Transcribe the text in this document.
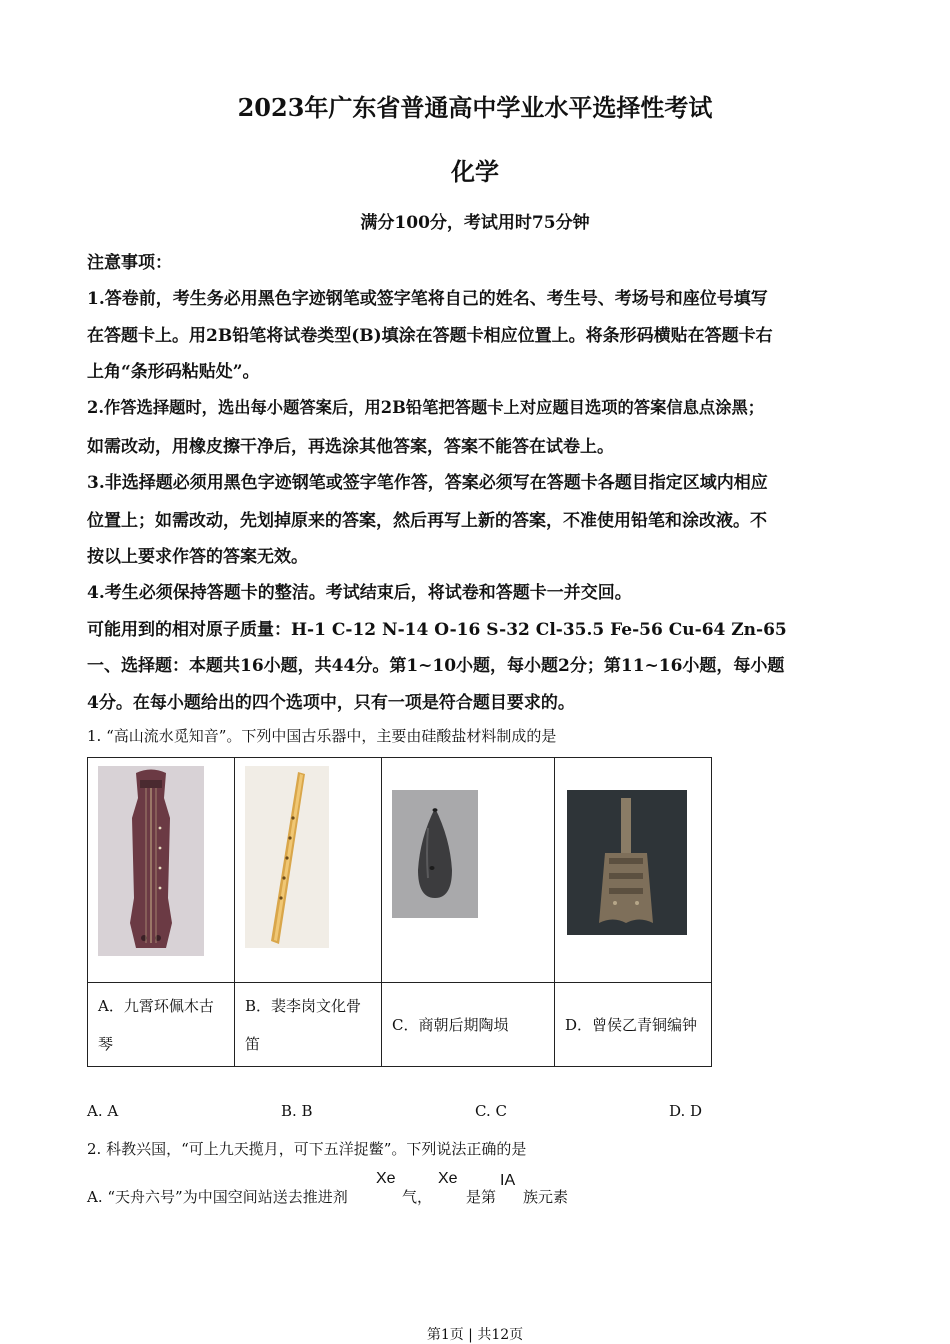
2023年广东省普通高中学业水平选择性考试
化学
满分100分，考试用时75分钟
注意事项：
1.答卷前，考生务必用黑色字迹钢笔或签字笔将自己的姓名、考生号、考场号和座位号填写
在答题卡上。用2B铅笔将试卷类型(B)填涂在答题卡相应位置上。将条形码横贴在答题卡右
上角“条形码粘贴处”。
2.作答选择题时，选出每小题答案后，用2B铅笔把答题卡上对应题目选项的答案信息点涂黑；
如需改动，用橡皮擦干净后，再选涂其他答案，答案不能答在试卷上。
3.非选择题必须用黑色字迹钢笔或签字笔作答，答案必须写在答题卡各题目指定区域内相应
位置上；如需改动，先划掉原来的答案，然后再写上新的答案，不准使用铅笔和涂改液。不
按以上要求作答的答案无效。
4.考生必须保持答题卡的整洁。考试结束后，将试卷和答题卡一并交回。
可能用到的相对原子质量：H-1 C-12 N-14 O-16 S-32 Cl-35.5 Fe-56 Cu-64 Zn-65
一、选择题：本题共16小题，共44分。第1~10小题，每小题2分；第11~16小题，每小题
4分。在每小题给出的四个选项中，只有一项是符合题目要求的。
1. “高山流水觅知音”。下列中国古乐器中，主要由硅酸盐材料制成的是

A．九霄环佩木古琴	B．裴李岗文化骨笛	C．商朝后期陶埙	D．曾侯乙青铜编钟
A. A	B. B	C. C	D. D
2. 科教兴国，“可上九天揽月，可下五洋捉鳖”。下列说法正确的是
A. “天舟六号”为中国空间站送去推进剂
Xe
气，
Xe
是第
IA
族元素
第1页 | 共12页
